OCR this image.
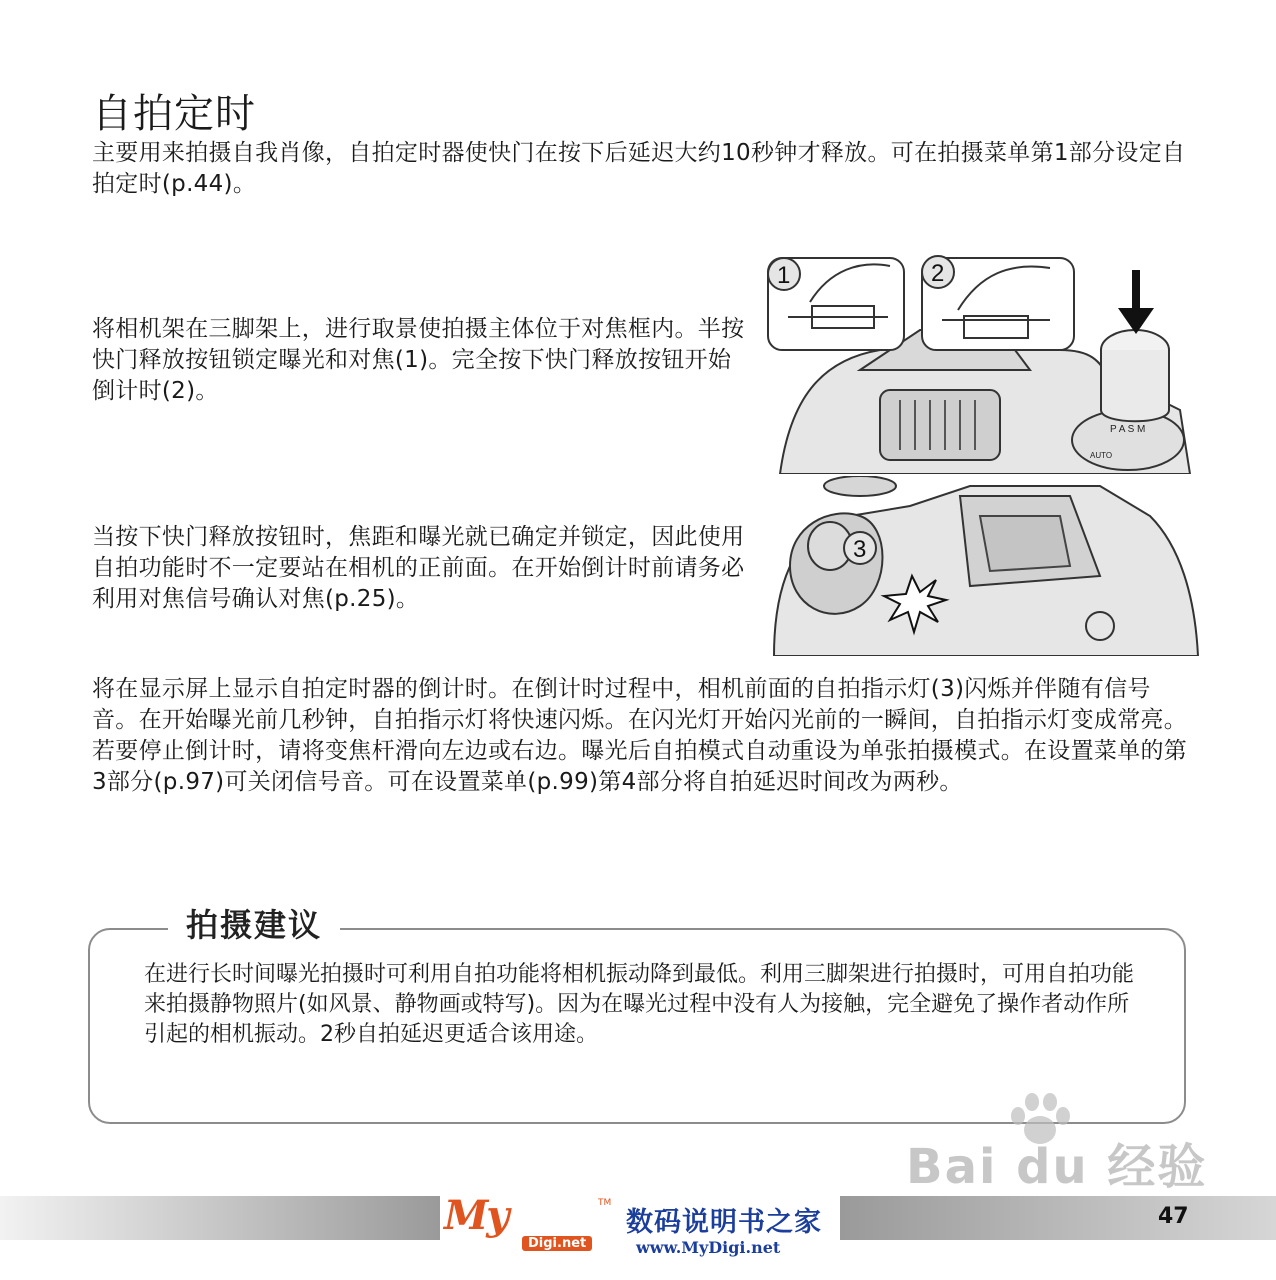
自拍定时

主要用来拍摄自我肖像，自拍定时器使快门在按下后延迟大约10秒钟才释放。可在拍摄菜单第1部分设定自拍定时(p.44)。

将相机架在三脚架上，进行取景使拍摄主体位于对焦框内。半按快门释放按钮锁定曝光和对焦(1)。完全按下快门释放按钮开始倒计时(2)。

当按下快门释放按钮时，焦距和曝光就已确定并锁定，因此使用自拍功能时不一定要站在相机的正前面。在开始倒计时前请务必利用对焦信号确认对焦(p.25)。

将在显示屏上显示自拍定时器的倒计时。在倒计时过程中，相机前面的自拍指示灯(3)闪烁并伴随有信号音。在开始曝光前几秒钟，自拍指示灯将快速闪烁。在闪光灯开始闪光前的一瞬间，自拍指示灯变成常亮。若要停止倒计时，请将变焦杆滑向左边或右边。曝光后自拍模式自动重设为单张拍摄模式。在设置菜单的第3部分(p.97)可关闭信号音。可在设置菜单(p.99)第4部分将自拍延迟时间改为两秒。

AUTO
P A S M
1	2
3
拍摄建议

在进行长时间曝光拍摄时可利用自拍功能将相机振动降到最低。利用三脚架进行拍摄时，可用自拍功能来拍摄静物照片(如风景、静物画或特写)。因为在曝光过程中没有人为接触，完全避免了操作者动作所引起的相机振动。2秒自拍延迟更适合该用途。

Bai du 经验
My	TM
Digi.net
数码说明书之家
www.MyDigi.net
47
